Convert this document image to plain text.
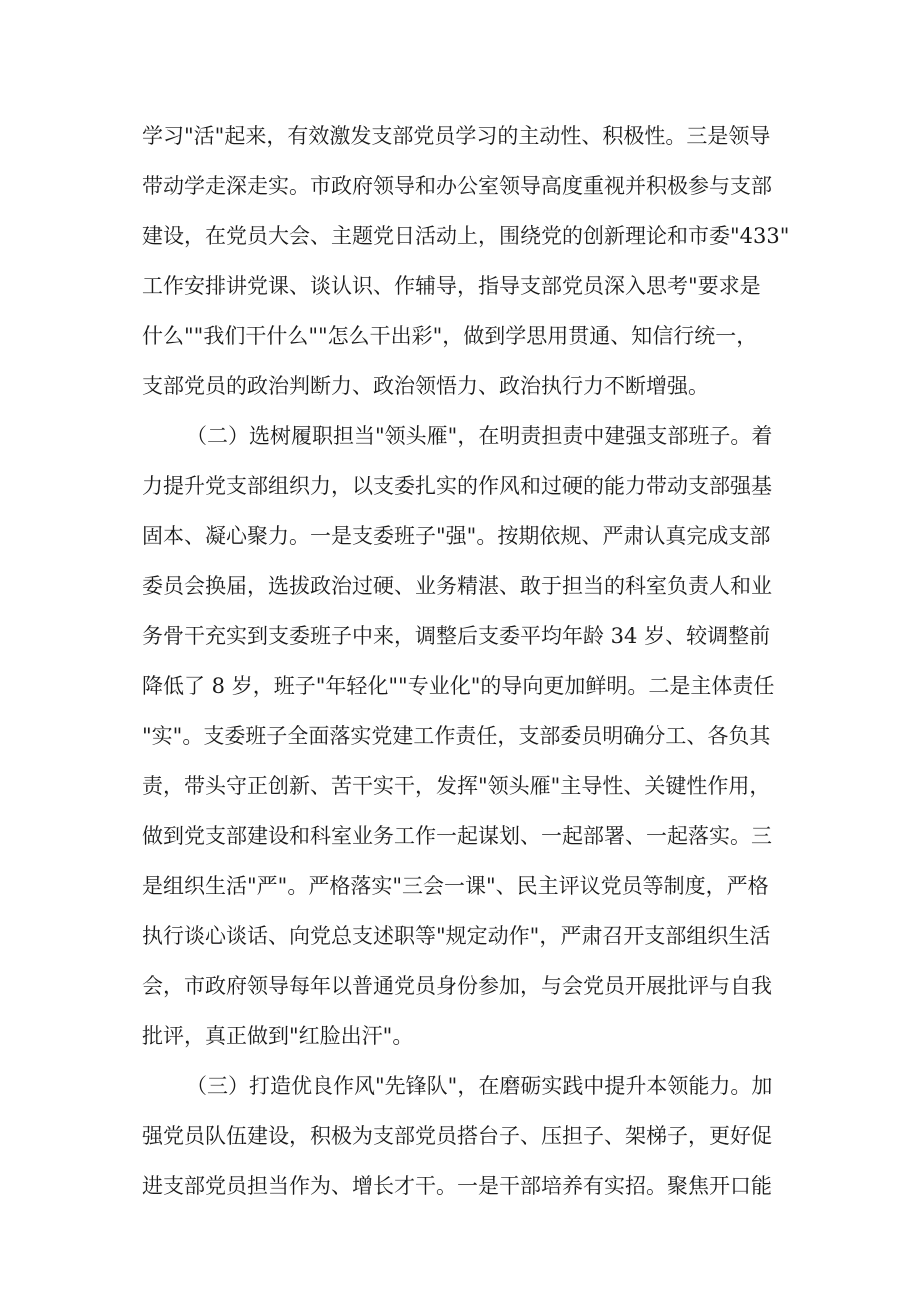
学习"活"起来，有效激发支部党员学习的主动性、积极性。三是领导

带动学走深走实。市政府领导和办公室领导高度重视并积极参与支部

建设，在党员大会、主题党日活动上，围绕党的创新理论和市委"433"

工作安排讲党课、谈认识、作辅导，指导支部党员深入思考"要求是

什么""我们干什么""怎么干出彩"，做到学思用贯通、知信行统一，

支部党员的政治判断力、政治领悟力、政治执行力不断增强。

（二）选树履职担当"领头雁"，在明责担责中建强支部班子。着

力提升党支部组织力，以支委扎实的作风和过硬的能力带动支部强基

固本、凝心聚力。一是支委班子"强"。按期依规、严肃认真完成支部

委员会换届，选拔政治过硬、业务精湛、敢于担当的科室负责人和业

务骨干充实到支委班子中来，调整后支委平均年龄 34 岁、较调整前

降低了 8 岁，班子"年轻化""专业化"的导向更加鲜明。二是主体责任

"实"。支委班子全面落实党建工作责任，支部委员明确分工、各负其

责，带头守正创新、苦干实干，发挥"领头雁"主导性、关键性作用，

做到党支部建设和科室业务工作一起谋划、一起部署、一起落实。三

是组织生活"严"。严格落实"三会一课"、民主评议党员等制度，严格

执行谈心谈话、向党总支述职等"规定动作"，严肃召开支部组织生活

会，市政府领导每年以普通党员身份参加，与会党员开展批评与自我

批评，真正做到"红脸出汗"。

（三）打造优良作风"先锋队"，在磨砺实践中提升本领能力。加

强党员队伍建设，积极为支部党员搭台子、压担子、架梯子，更好促

进支部党员担当作为、增长才干。一是干部培养有实招。聚焦开口能
